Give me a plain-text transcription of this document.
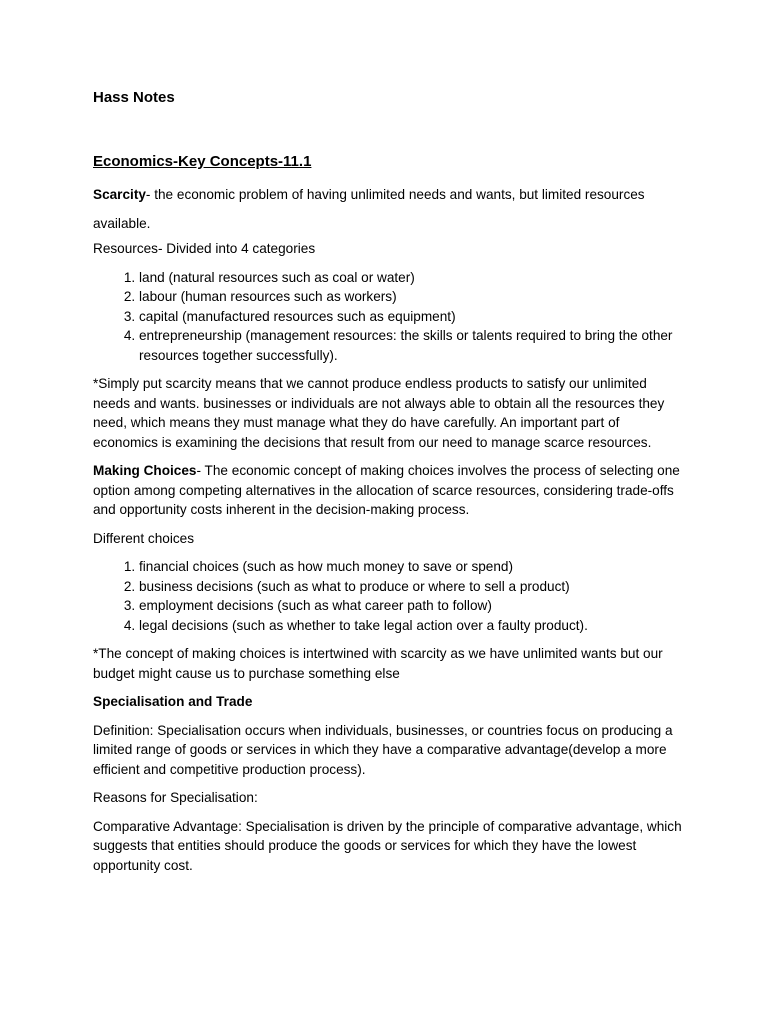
Hass Notes
Economics-Key Concepts-11.1

Scarcity- the economic problem of having unlimited needs and wants, but limited resources available.

Resources- Divided into 4 categories

1. land (natural resources such as coal or water)
2. labour (human resources such as workers)
3. capital (manufactured resources such as equipment)
4. entrepreneurship (management resources: the skills or talents required to bring the other resources together successfully).

*Simply put scarcity means that we cannot produce endless products to satisfy our unlimited needs and wants. businesses or individuals are not always able to obtain all the resources they need, which means they must manage what they do have carefully. An important part of economics is examining the decisions that result from our need to manage scarce resources.

Making Choices- The economic concept of making choices involves the process of selecting one option among competing alternatives in the allocation of scarce resources, considering trade-offs and opportunity costs inherent in the decision-making process.

Different choices

1. financial choices (such as how much money to save or spend)
2. business decisions (such as what to produce or where to sell a product)
3. employment decisions (such as what career path to follow)
4. legal decisions (such as whether to take legal action over a faulty product).

*The concept of making choices is intertwined with scarcity as we have unlimited wants but our budget might cause us to purchase something else

Specialisation and Trade

Definition: Specialisation occurs when individuals, businesses, or countries focus on producing a limited range of goods or services in which they have a comparative advantage(develop a more efficient and competitive production process).

Reasons for Specialisation:

Comparative Advantage: Specialisation is driven by the principle of comparative advantage, which suggests that entities should produce the goods or services for which they have the lowest opportunity cost.
